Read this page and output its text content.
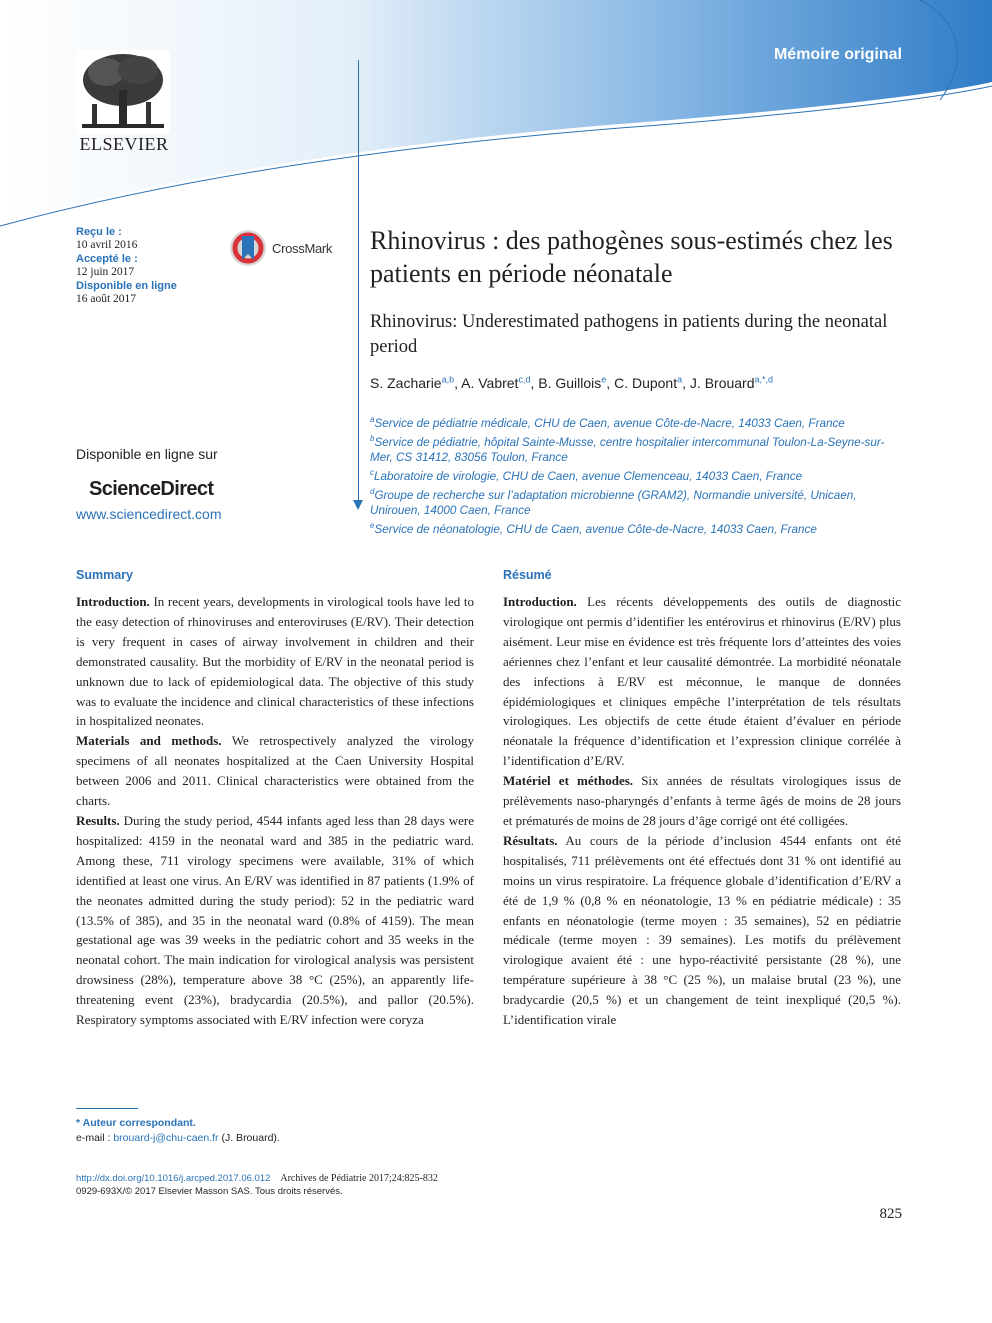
Mémoire original
ELSEVIER
Reçu le :
10 avril 2016
Accepté le :
12 juin 2017
Disponible en ligne
16 août 2017
CrossMark
Disponible en ligne sur
ScienceDirect
www.sciencedirect.com
Rhinovirus : des pathogènes sous-estimés chez les patients en période néonatale
Rhinovirus: Underestimated pathogens in patients during the neonatal period
S. Zacharie$^{a,b}$, A. Vabret$^{c,d}$, B. Guillois$^e$, C. Dupont$^a$, J. Brouard$^{a,*,d}$
$^a$Service de pédiatrie médicale, CHU de Caen, avenue Côte-de-Nacre, 14033 Caen, France
$^b$Service de pédiatrie, hôpital Sainte-Musse, centre hospitalier intercommunal Toulon-La-Seyne-sur-Mer, CS 31412, 83056 Toulon, France
$^c$Laboratoire de virologie, CHU de Caen, avenue Clemenceau, 14033 Caen, France
$^d$Groupe de recherche sur l’adaptation microbienne (GRAM2), Normandie université, Unicaen, Unirouen, 14000 Caen, France
$^e$Service de néonatologie, CHU de Caen, avenue Côte-de-Nacre, 14033 Caen, France
Summary

Introduction. In recent years, developments in virological tools have led to the easy detection of rhinoviruses and enteroviruses (E/RV). Their detection is very frequent in cases of airway involvement in children and their demonstrated causality. But the morbidity of E/RV in the neonatal period is unknown due to lack of epidemiological data. The objective of this study was to evaluate the incidence and clinical characteristics of these infections in hospitalized neonates.

Materials and methods. We retrospectively analyzed the virology specimens of all neonates hospitalized at the Caen University Hospital between 2006 and 2011. Clinical characteristics were obtained from the charts.

Results. During the study period, 4544 infants aged less than 28 days were hospitalized: 4159 in the neonatal ward and 385 in the pediatric ward. Among these, 711 virology specimens were available, 31% of which identified at least one virus. An E/RV was identified in 87 patients (1.9% of the neonates admitted during the study period): 52 in the pediatric ward (13.5% of 385), and 35 in the neonatal ward (0.8% of 4159). The mean gestational age was 39 weeks in the pediatric cohort and 35 weeks in the neonatal cohort. The main indication for virological analysis was persistent drowsiness (28%), temperature above 38 °C (25%), an apparently life-threatening event (23%), bradycardia (20.5%), and pallor (20.5%). Respiratory symptoms associated with E/RV infection were coryza

Résumé

Introduction. Les récents développements des outils de diagnostic virologique ont permis d’identifier les entérovirus et rhinovirus (E/RV) plus aisément. Leur mise en évidence est très fréquente lors d’atteintes des voies aériennes chez l’enfant et leur causalité démontrée. La morbidité néonatale des infections à E/RV est méconnue, le manque de données épidémiologiques et cliniques empêche l’interprétation de tels résultats virologiques. Les objectifs de cette étude étaient d’évaluer en période néonatale la fréquence d’identification et l’expression clinique corrélée à l’identification d’E/RV.

Matériel et méthodes. Six années de résultats virologiques issus de prélèvements naso-pharyngés d’enfants à terme âgés de moins de 28 jours et prématurés de moins de 28 jours d’âge corrigé ont été colligées.

Résultats. Au cours de la période d’inclusion 4544 enfants ont été hospitalisés, 711 prélèvements ont été effectués dont 31 % ont identifié au moins un virus respiratoire. La fréquence globale d’identification d’E/RV a été de 1,9 % (0,8 % en néonatologie, 13 % en pédiatrie médicale) : 35 enfants en néonatologie (terme moyen : 35 semaines), 52 en pédiatrie médicale (terme moyen : 39 semaines). Les motifs du prélèvement virologique avaient été : une hypo-réactivité persistante (28 %), une température supérieure à 38 °C (25 %), un malaise brutal (23 %), une bradycardie (20,5 %) et un changement de teint inexpliqué (20,5 %). L’identification virale

* Auteur correspondant.
e-mail : brouard-j@chu-caen.fr (J. Brouard).
http://dx.doi.org/10.1016/j.arcped.2017.06.012 Archives de Pédiatrie 2017;24:825-832
0929-693X/© 2017 Elsevier Masson SAS. Tous droits réservés.
825
